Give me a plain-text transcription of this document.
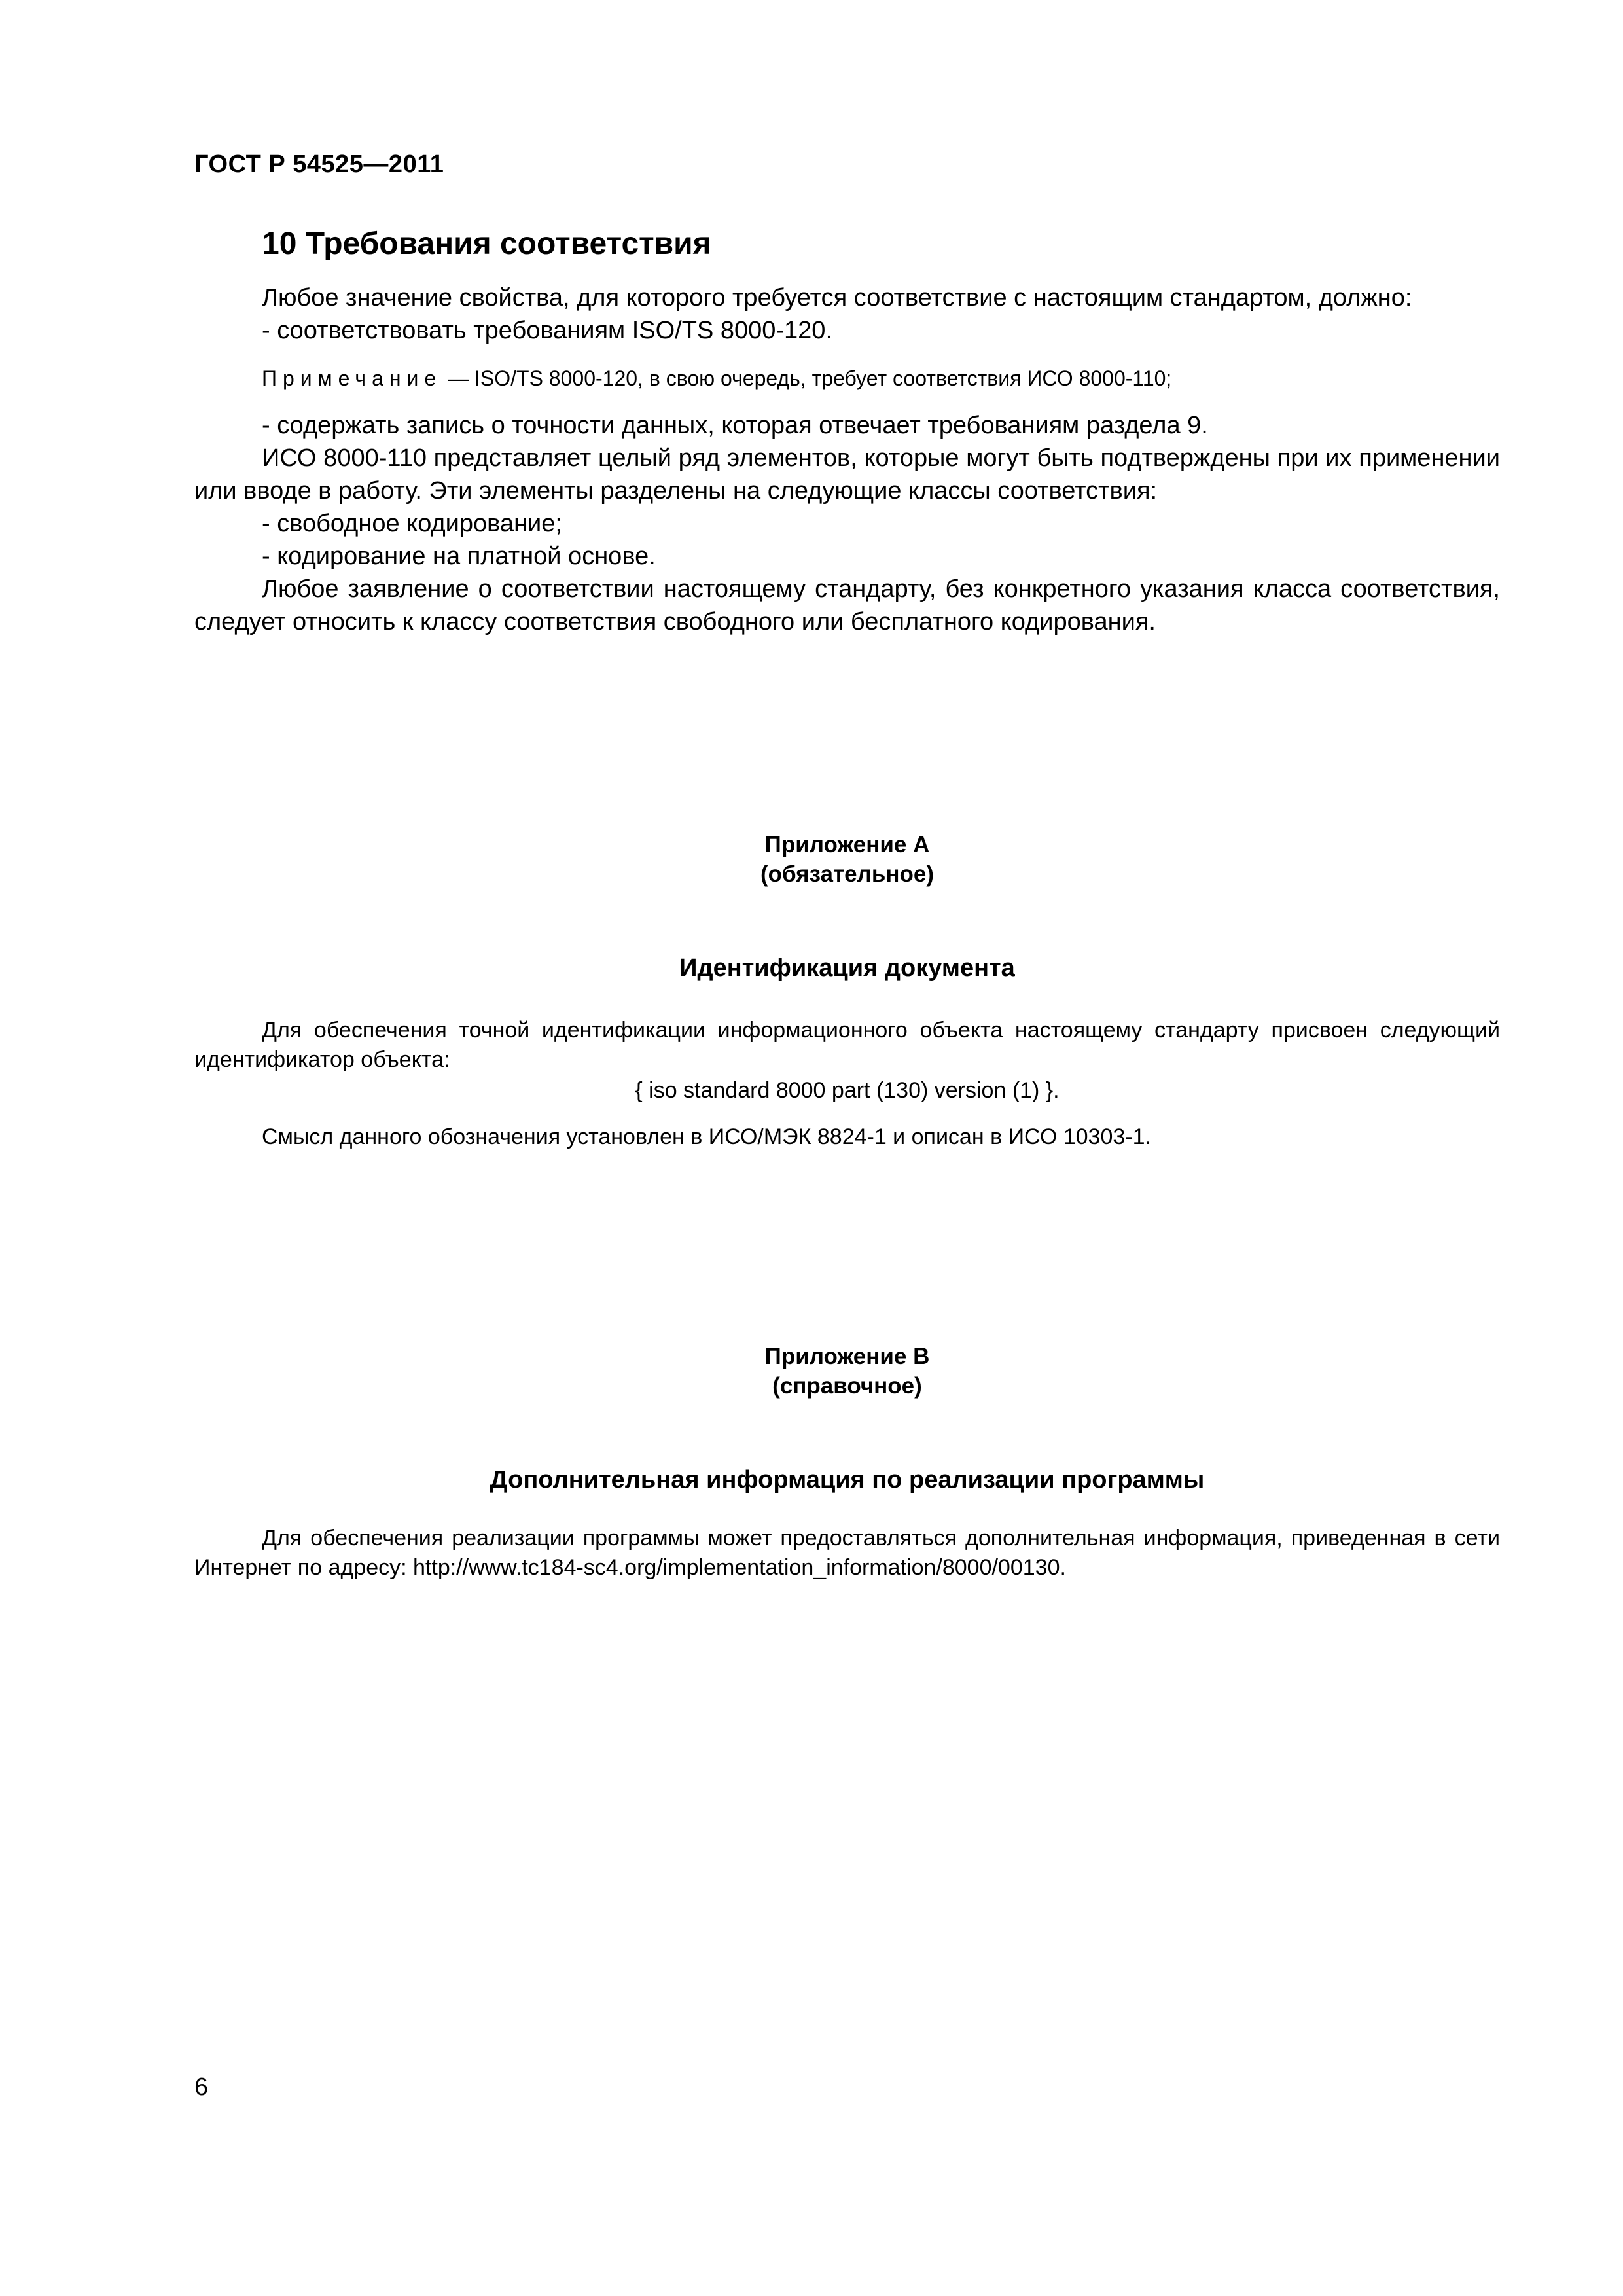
ГОСТ Р 54525—2011
10 Требования соответствия
Любое значение свойства, для которого требуется соответствие с настоящим стандартом, должно:
- соответствовать требованиям ISO/TS 8000-120.
Примечание — ISO/TS 8000-120, в свою очередь, требует соответствия ИСО 8000-110;
- содержать запись о точности данных, которая отвечает требованиям раздела 9.
ИСО 8000-110 представляет целый ряд элементов, которые могут быть подтверждены при их применении или вводе в работу. Эти элементы разделены на следующие классы соответствия:
- свободное кодирование;
- кодирование на платной основе.
Любое заявление о соответствии настоящему стандарту, без конкретного указания класса соответствия, следует относить к классу соответствия свободного или бесплатного кодирования.
Приложение А
(обязательное)
Идентификация документа
Для обеспечения точной идентификации информационного объекта настоящему стандарту присвоен следующий идентификатор объекта:
{ iso standard 8000 part (130) version (1) }.
Смысл данного обозначения установлен в ИСО/МЭК 8824-1 и описан в ИСО 10303-1.
Приложение В
(справочное)
Дополнительная информация по реализации программы
Для обеспечения реализации программы может предоставляться дополнительная информация, приведенная в сети Интернет по адресу: http://www.tc184-sc4.org/implementation_information/8000/00130.
6
